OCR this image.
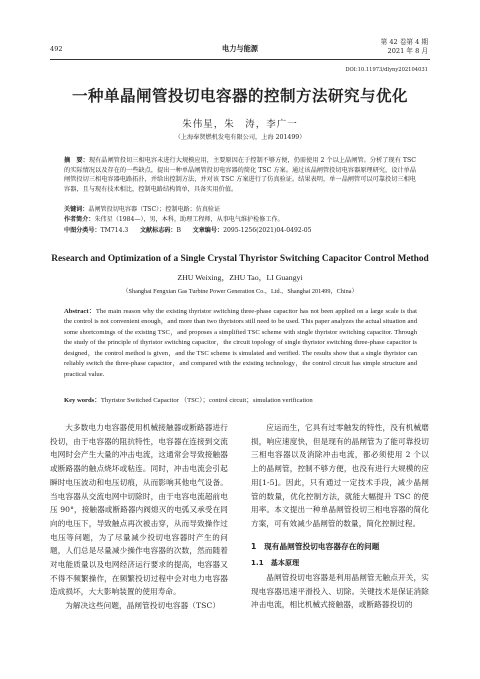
492	电力与能源
第 42 卷第 4 期
2021 年 8 月
DOI:10.11973/dlyny202104031
一种单晶闸管投切电容器的控制方法研究与优化
朱伟星，朱　涛，李广一
（上海奉贤燃机发电有限公司，上海 201499）
摘　要：现有晶闸管投切三相电容未进行大规模应用，主要原因在于控制不够方便，仍需使用 2 个以上晶闸管。分析了现有 TSC 的实际情况以及存在的一些缺点，提出一种单晶闸管投切电容器的简化 TSC 方案。通过该晶闸管投切电容器原理研究，设计单晶闸管投切三相电容器电路拓扑，并给出控制方法，并对该 TSC 方案进行了仿真验证。结果表明，单一晶闸管可以可靠投切三相电容器，且与现有技术相比，控制电路结构简单，具备实用价值。
关键词：晶闸管投切电容器（TSC）；控制电路；仿真验证
作者简介：朱伟星（1984—），男，本科，助理工程师，从事电气维护检修工作。
中图分类号：TM714.3 文献标志码：B 文章编号：2095-1256(2021)04-0492-05
Research and Optimization of a Single Crystal Thyristor Switching Capacitor Control Method
ZHU Weixing，ZHU Tao，LI Guangyi
（Shanghai Fengxian Gas Turbine Power Generation Co.，Ltd.，Shanghai 201499，China）
Abstract：The main reason why the existing thyristor switching three-phase capacitor has not been applied on a large scale is that the control is not convenient enough，and more than two thyristors still need to be used. This paper analyzes the actual situation and some shortcomings of the existing TSC，and proposes a simplified TSC scheme with single thyristor switching capacitor. Through the study of the principle of thyristor switching capacitor，the circuit topology of single thyristor switching three-phase capacitor is designed，the control method is given，and the TSC scheme is simulated and verified. The results show that a single thyristor can reliably switch the three-phase capacitor，and compared with the existing technology，the control circuit has simple structure and practical value.
Key words：Thyristor Switched Capacitor （TSC）；control circuit；simulation verification

大多数电力电容器使用机械接触器或断路器进行投切，由于电容器的阻抗特性，电容器在连接到交流电网时会产生大量的冲击电流，这通常会导致接触器或断路器的触点烧坏或粘连。同时，冲击电流会引起瞬时电压波动和电压切痕，从而影响其他电气设备。当电容器从交流电网中切除时，由于电容电流超前电压 90°，接触器或断路器内阀熄灭的电弧又承受在同向的电压下，导致触点再次被击穿，从而导致操作过电压等问题，为了尽量减少投切电容器时产生的问题，人们总是尽量减少操作电容器的次数，然而随着对电能质量以及电网经济运行要求的提高，电容器又不得不频繁操作，在频繁投切过程中会对电力电容器造成损坏，大大影响装置的使用寿命。

为解决这些问题，晶闸管投切电容器（TSC）

应运而生，它具有过零触发的特性，没有机械磨损，响应速度快，但是现有的晶闸管为了能可靠投切三相电容器以及消除冲击电流，都必须使用 2 个以上的晶闸管，控制不够方便，也没有进行大规模的应用[1-5]。因此，只有通过一定技术手段，减少晶闸管的数量，优化控制方法，就能大幅提升 TSC 的使用率。本文提出一种单晶闸管投切三相电容器的简化方案，可有效减少晶闸管的数量，简化控制过程。

1　现有晶闸管投切电容器存在的问题
1.1　基本原理

晶闸管投切电容器是利用晶闸管无触点开关，实现电容器迅速平滑投入、切除。关键技术是保证消除冲击电流，相比机械式接触器，或断路器投切的
